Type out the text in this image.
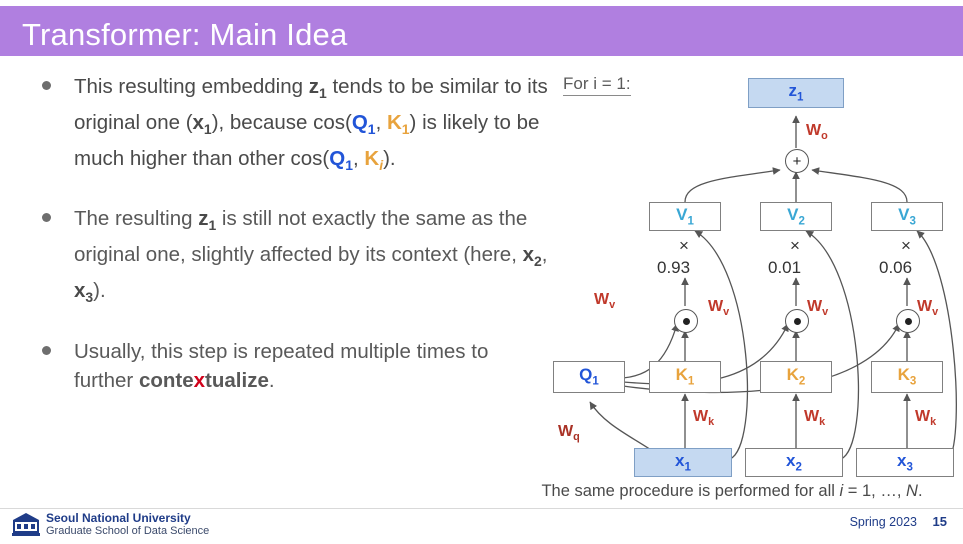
Transformer: Main Idea
This resulting embedding $z_1$ tends to be similar to its original one $(x_1)$, because $\cos(Q_1$, $K_1$) is likely to be much higher than other $\cos(Q_1$, $K_i$).
The resulting $z_1$ is still not exactly the same as the original one, slightly affected by its context (here, $x_2$, $x_3$).
Usually, this step is repeated multiple times to further contextualize.
For i = 1:	$z_1$
$W_o$
+
$V_1$	$V_2$	$V_3$
×	×	×
0.93	0.01	0.06
$W_v$	$W_v$	$W_v$	$W_v$
$Q_1$	$K_1$	$K_2$	$K_3$
$W_k$	$W_k$	$W_k$
$W_q$
$x_1$	$x_2$	$x_3$
The same procedure is performed for all i = 1, …, N.
Seoul National University
Graduate School of Data Science
Spring 2023 15
